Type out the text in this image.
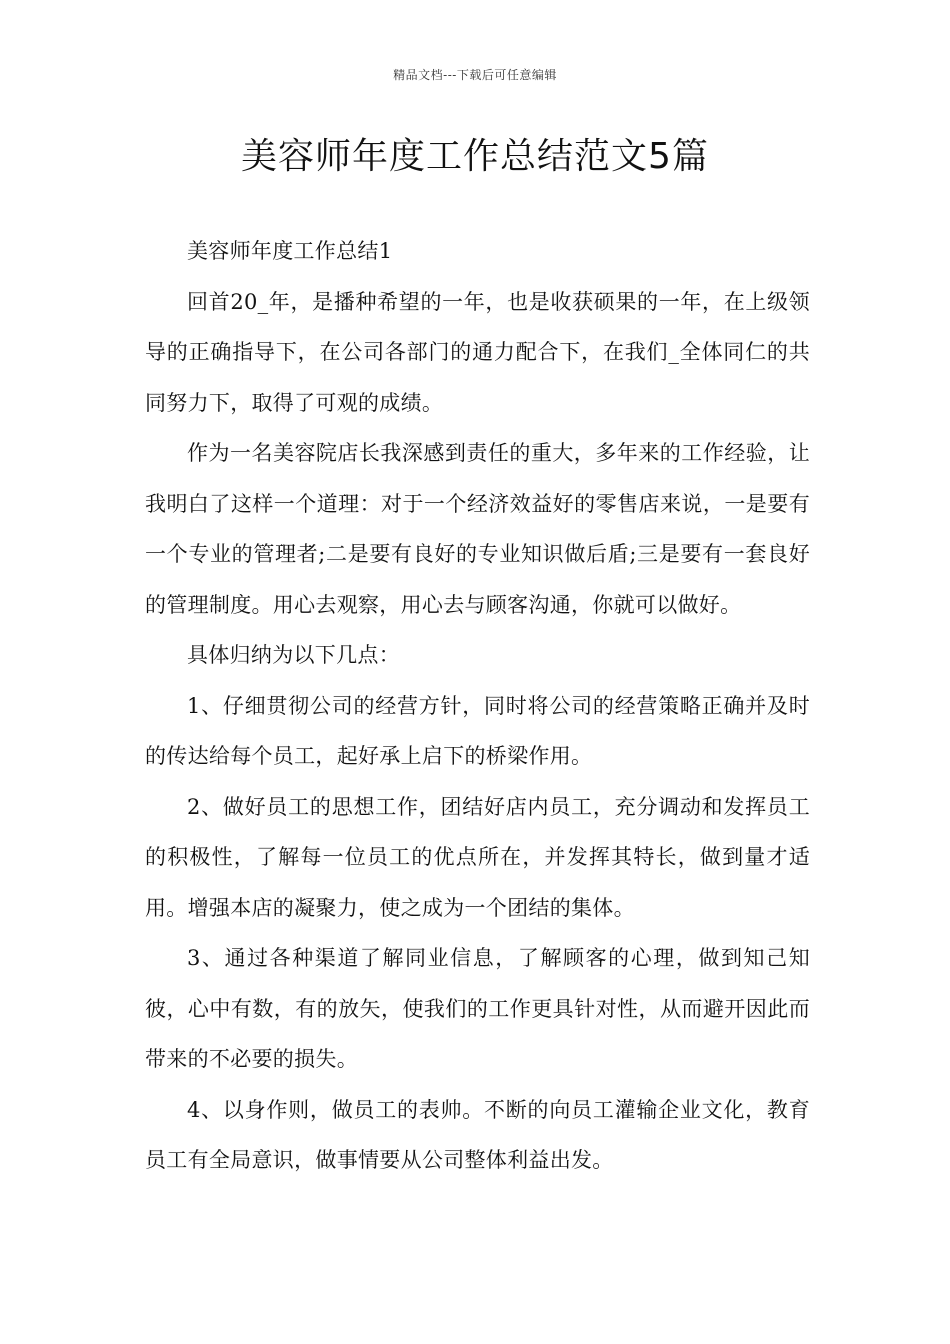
精品文档---下载后可任意编辑
美容师年度工作总结范文5篇

美容师年度工作总结1

回首20_年，是播种希望的一年，也是收获硕果的一年，在上级领导的正确指导下，在公司各部门的通力配合下，在我们_全体同仁的共同努力下，取得了可观的成绩。

作为一名美容院店长我深感到责任的重大，多年来的工作经验，让我明白了这样一个道理：对于一个经济效益好的零售店来说，一是要有一个专业的管理者;二是要有良好的专业知识做后盾;三是要有一套良好的管理制度。用心去观察，用心去与顾客沟通，你就可以做好。

具体归纳为以下几点：

1、仔细贯彻公司的经营方针，同时将公司的经营策略正确并及时的传达给每个员工，起好承上启下的桥梁作用。

2、做好员工的思想工作，团结好店内员工，充分调动和发挥员工的积极性，了解每一位员工的优点所在，并发挥其特长，做到量才适用。增强本店的凝聚力，使之成为一个团结的集体。

3、通过各种渠道了解同业信息，了解顾客的心理，做到知己知彼，心中有数，有的放矢，使我们的工作更具针对性，从而避开因此而带来的不必要的损失。

4、以身作则，做员工的表帅。不断的向员工灌输企业文化，教育员工有全局意识，做事情要从公司整体利益出发。
